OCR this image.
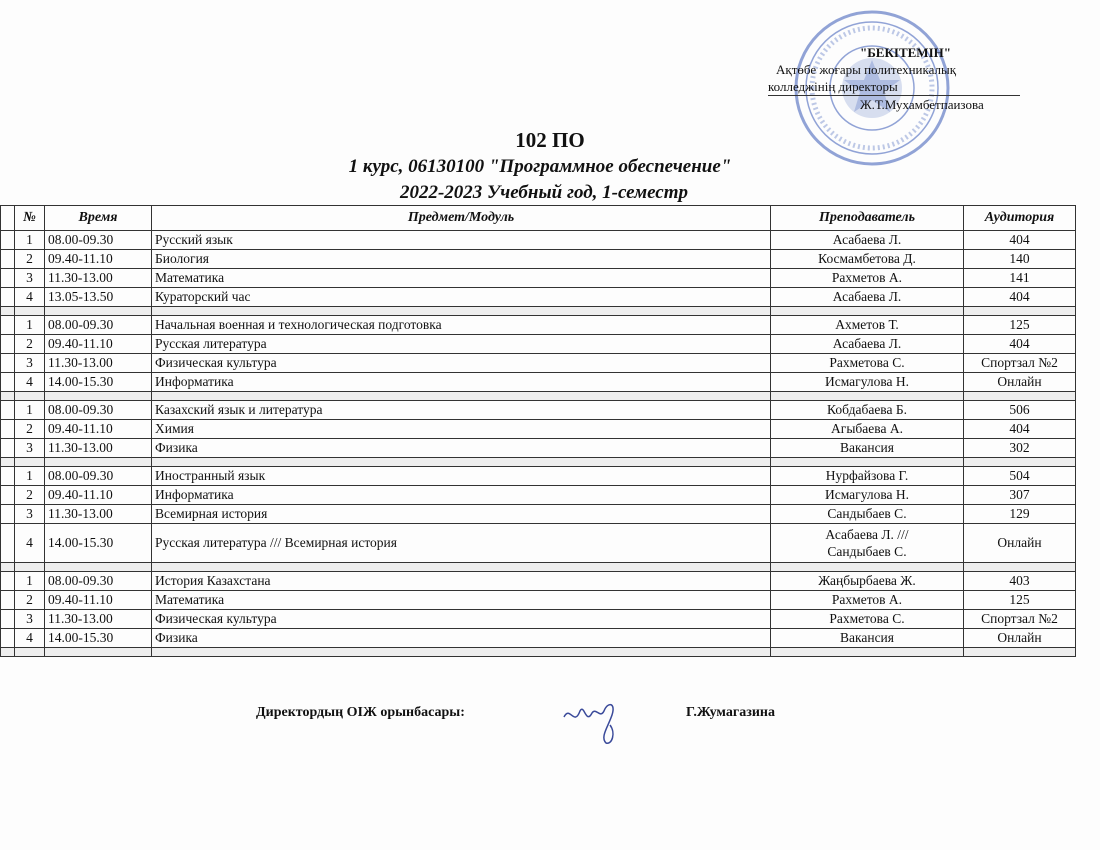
"БЕКІТЕМІН"
Ақтөбе жоғары политехникалық
колледжінің директоры
Ж.Т.Мухамбетпаизова
102 ПО
1 курс, 06130100 "Программное обеспечение"
2022-2023 Учебный год, 1-семестр
	№	Время	Предмет/Модуль	Преподаватель	Аудитория
	1	08.00-09.30	Русский язык	Асабаева Л.	404
	2	09.40-11.10	Биология	Космамбетова Д.	140
	3	11.30-13.00	Математика	Рахметов А.	141
	4	13.05-13.50	Кураторский час	Асабаева Л.	404

	1	08.00-09.30	Начальная военная и технологическая подготовка	Ахметов Т.	125
	2	09.40-11.10	Русская литература	Асабаева Л.	404
	3	11.30-13.00	Физическая культура	Рахметова С.	Спортзал №2
	4	14.00-15.30	Информатика	Исмагулова Н.	Онлайн

	1	08.00-09.30	Казахский язык и литература	Кобдабаева Б.	506
	2	09.40-11.10	Химия	Агыбаева А.	404
	3	11.30-13.00	Физика	Вакансия	302

	1	08.00-09.30	Иностранный язык	Нурфайзова Г.	504
	2	09.40-11.10	Информатика	Исмагулова Н.	307
	3	11.30-13.00	Всемирная история	Сандыбаев С.	129
	4	14.00-15.30	Русская литература /// Всемирная история	Асабаева Л. ///
Сандыбаев С.	Онлайн

	1	08.00-09.30	История Казахстана	Жаңбырбаева Ж.	403
	2	09.40-11.10	Математика	Рахметов А.	125
	3	11.30-13.00	Физическая культура	Рахметова С.	Спортзал №2
	4	14.00-15.30	Физика	Вакансия	Онлайн

Директордың ОІЖ орынбасары:	Г.Жумагазина
